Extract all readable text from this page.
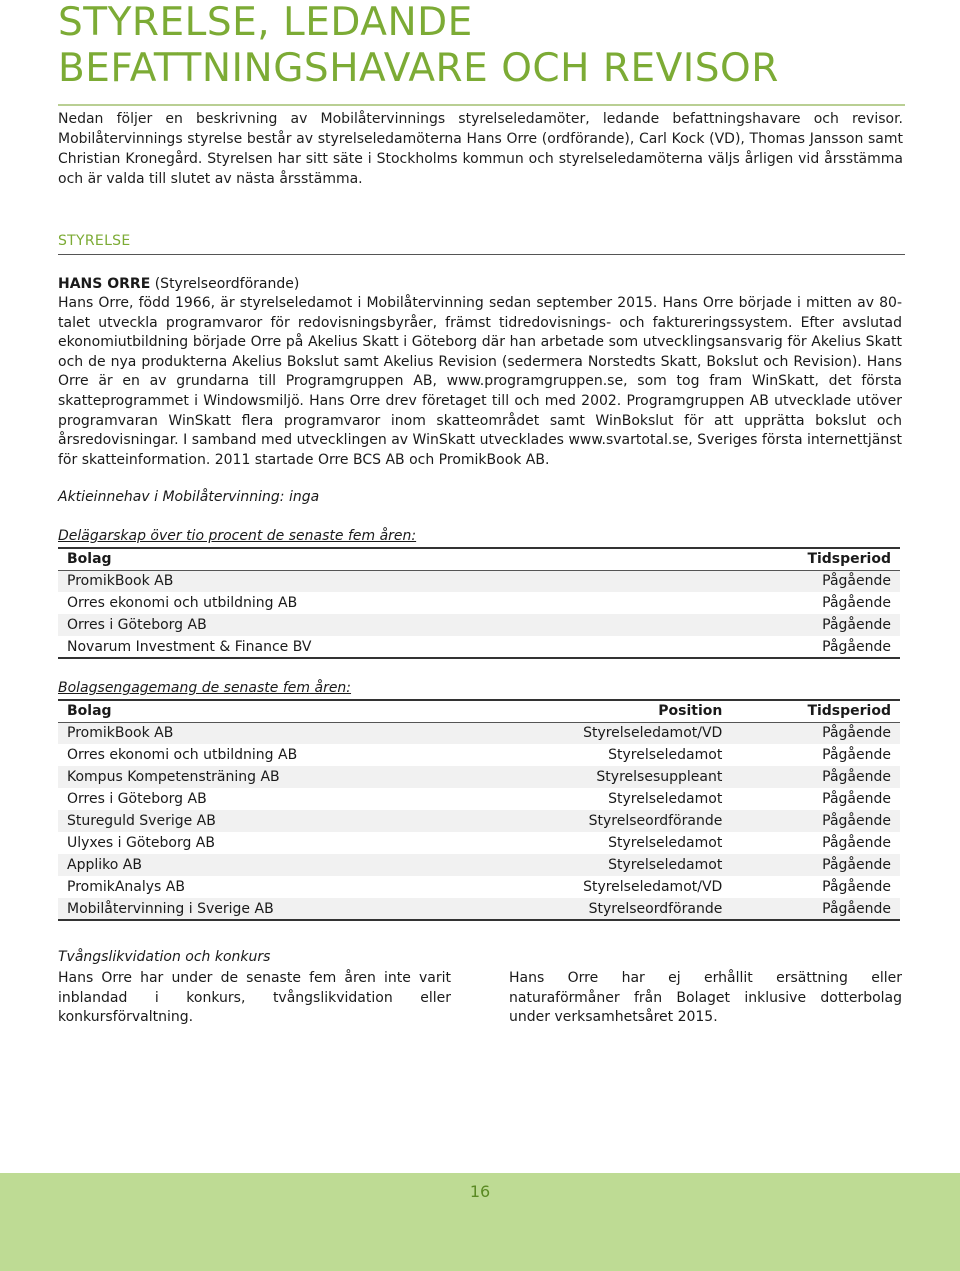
STYRELSE, LEDANDE
BEFATTNINGSHAVARE OCH REVISOR

Nedan följer en beskrivning av Mobilåtervinnings styrelseledamöter, ledande befattningshavare och revisor. Mobilåtervinnings styrelse består av styrelseledamöterna Hans Orre (ordförande), Carl Kock (VD), Thomas Jansson samt Christian Kronegård. Styrelsen har sitt säte i Stockholms kommun och styrelseledamöterna väljs årligen vid årsstämma och är valda till slutet av nästa årsstämma.

STYRELSE
HANS ORRE (Styrelseordförande)
Hans Orre, född 1966, är styrelseledamot i Mobilåtervinning sedan september 2015. Hans Orre började i mitten av 80-talet utveckla programvaror för redovisningsbyråer, främst tidredovisnings- och faktureringssystem. Efter avslutad ekonomiutbildning började Orre på Akelius Skatt i Göteborg där han arbetade som utvecklingsansvarig för Akelius Skatt och de nya produkterna Akelius Bokslut samt Akelius Revision (sedermera Norstedts Skatt, Bokslut och Revision). Hans Orre är en av grundarna till Programgruppen AB, www.programgruppen.se, som tog fram WinSkatt, det första skatteprogrammet i Windowsmiljö. Hans Orre drev företaget till och med 2002. Programgruppen AB utvecklade utöver programvaran WinSkatt flera programvaror inom skatteområdet samt WinBokslut för att upprätta bokslut och årsredovisningar. I samband med utvecklingen av WinSkatt utvecklades www.svartotal.se, Sveriges första internettjänst för skatteinformation. 2011 startade Orre BCS AB och PromikBook AB.
Aktieinnehav i Mobilåtervinning: inga
Delägarskap över tio procent de senaste fem åren:
Bolag	Tidsperiod
PromikBook AB	Pågående
Orres ekonomi och utbildning AB	Pågående
Orres i Göteborg AB	Pågående
Novarum Investment & Finance BV	Pågående
Bolagsengagemang de senaste fem åren:
Bolag	Position	Tidsperiod
PromikBook AB	Styrelseledamot/VD	Pågående
Orres ekonomi och utbildning AB	Styrelseledamot	Pågående
Kompus Kompetensträning AB	Styrelsesuppleant	Pågående
Orres i Göteborg AB	Styrelseledamot	Pågående
Stureguld Sverige AB	Styrelseordförande	Pågående
Ulyxes i Göteborg AB	Styrelseledamot	Pågående
Appliko AB	Styrelseledamot	Pågående
PromikAnalys AB	Styrelseledamot/VD	Pågående
Mobilåtervinning i Sverige AB	Styrelseordförande	Pågående
Tvångslikvidation och konkurs
Hans Orre har under de senaste fem åren inte varit inblandad i konkurs, tvångslikvidation eller konkursförvaltning.
Hans Orre har ej erhållit ersättning eller naturaförmåner från Bolaget inklusive dotterbolag under verksamhetsåret 2015.
16
